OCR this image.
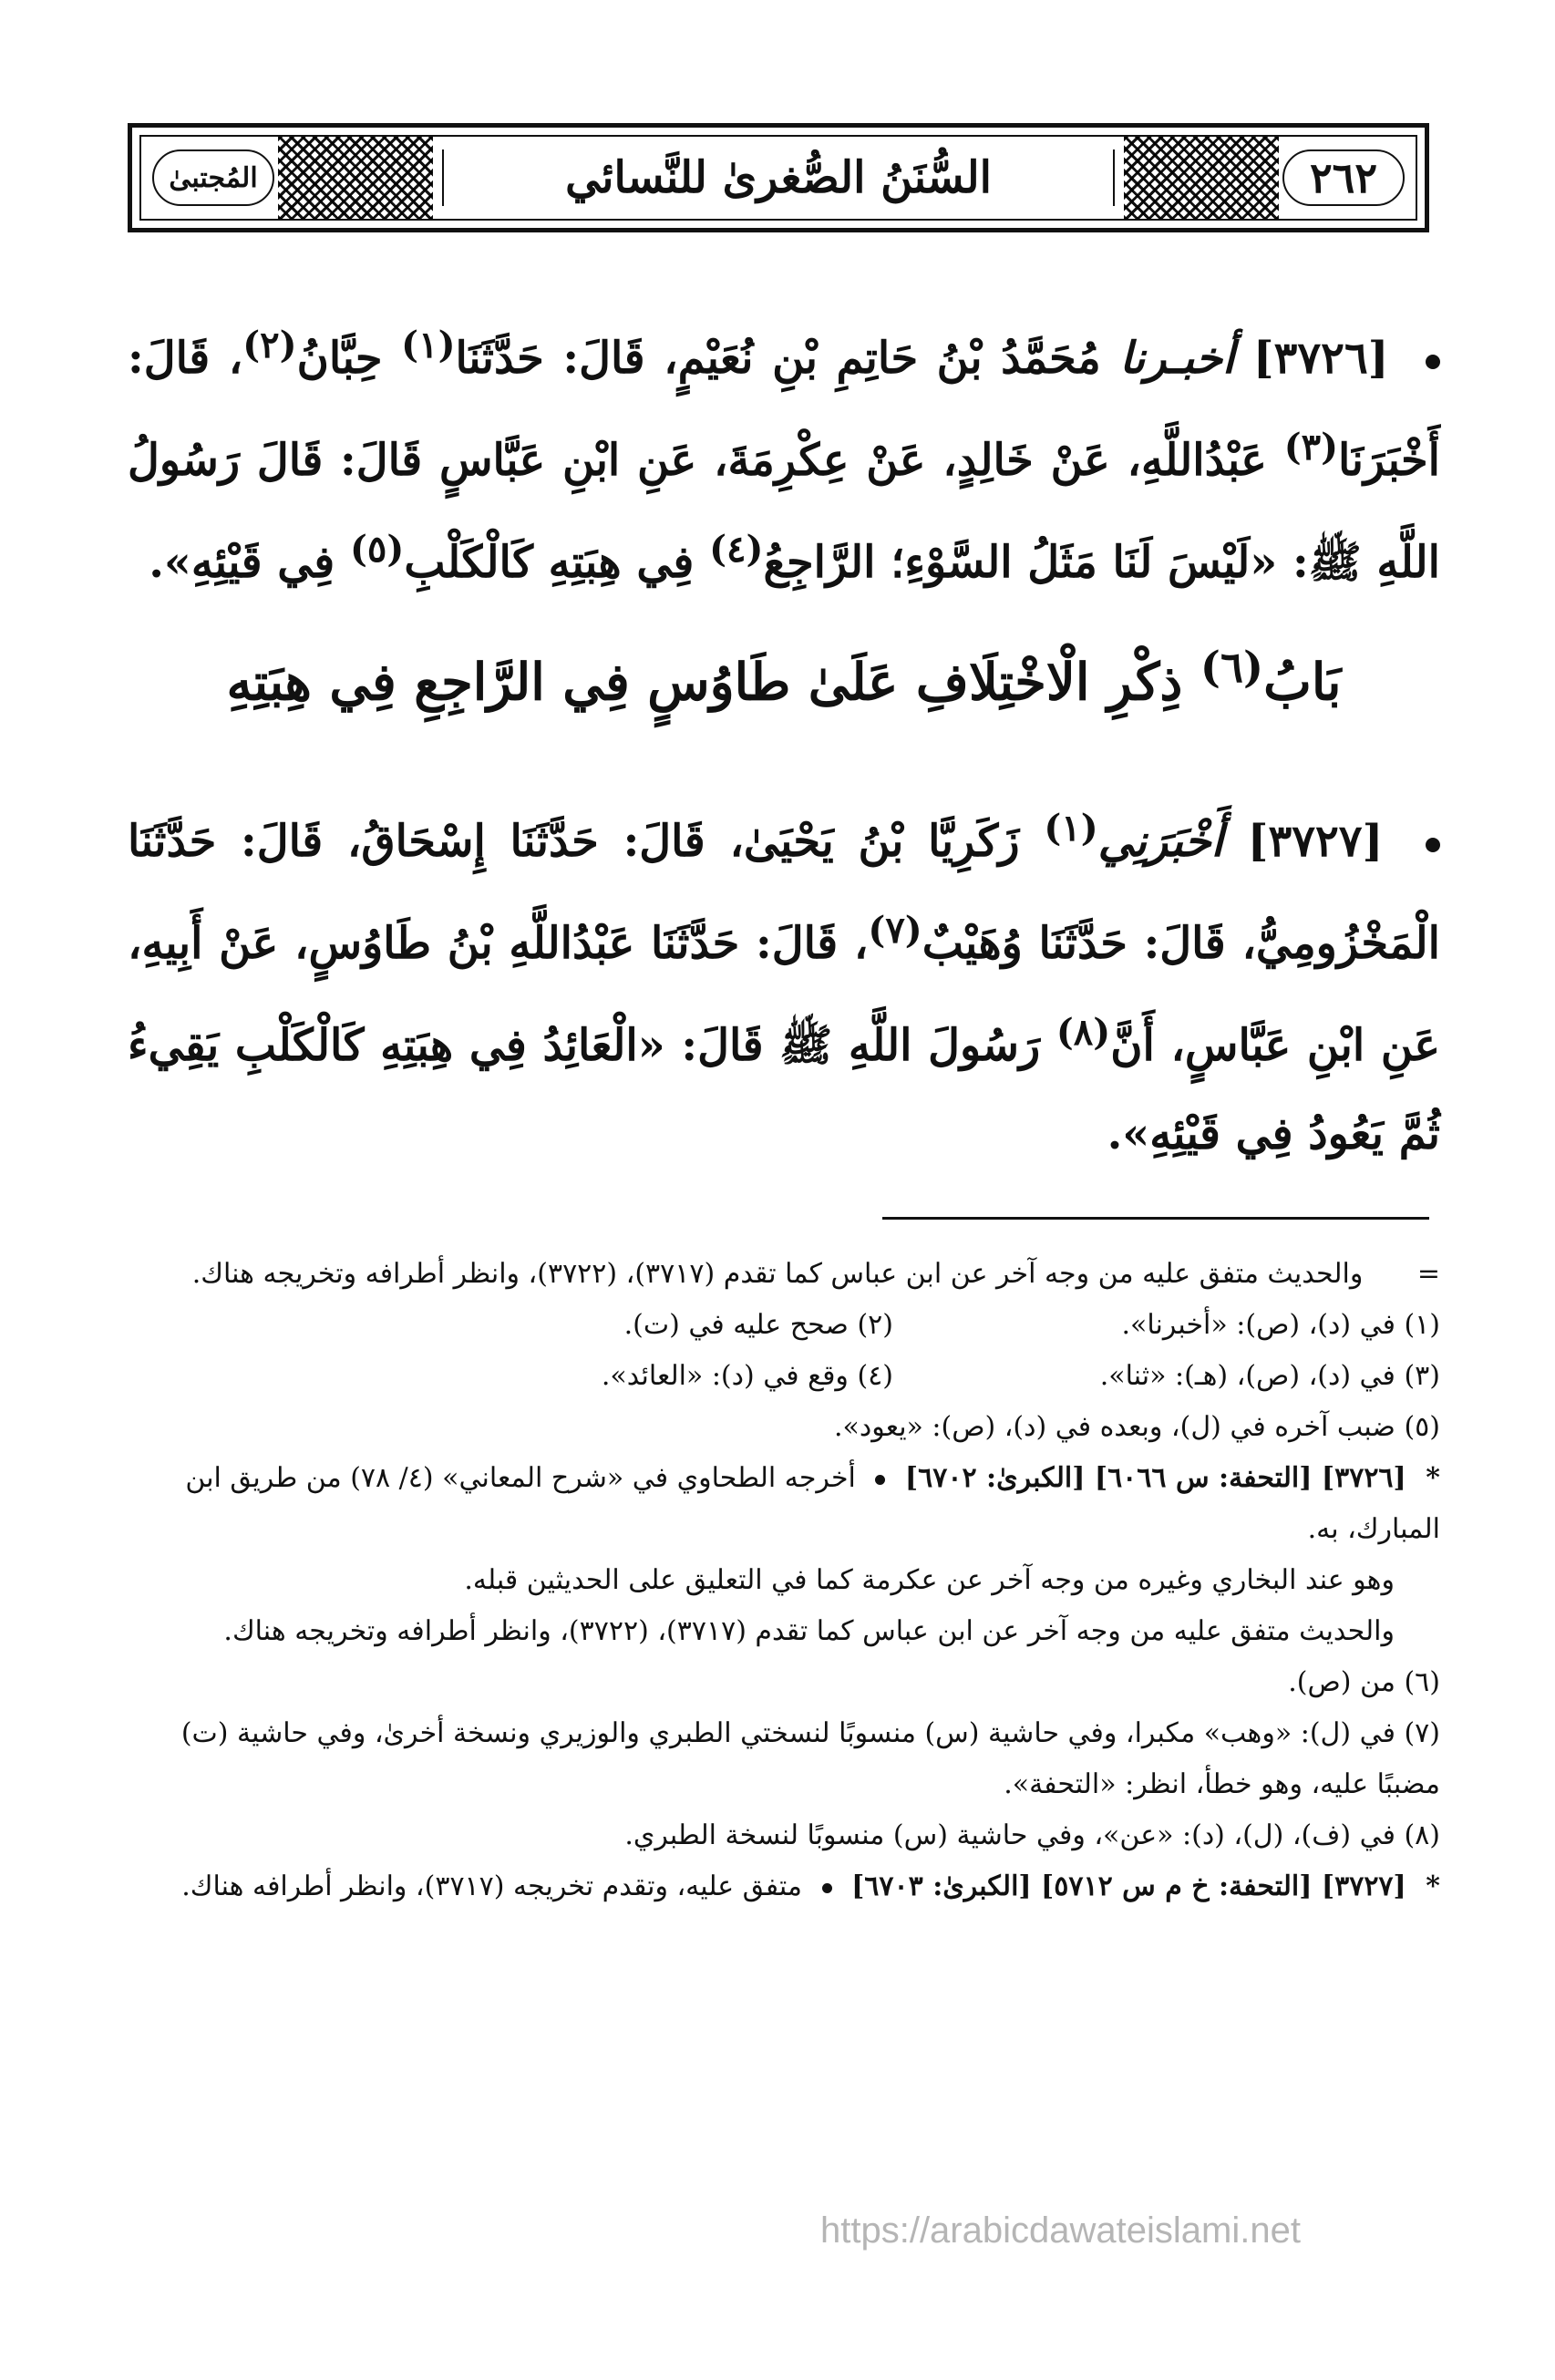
السُّنَنُ الصُّغرىٰ للنَّسائي	٢٦٢
المُجتبىٰ
[٣٧٢٦] أخبـرنا مُحَمَّدُ بْنُ حَاتِمِ بْنِ نُعَيْمٍ، قَالَ: حَدَّثَنَا$^{(١)}$ حِبَّانُ$^{(٢)}$، قَالَ: أَخْبَرَنَا$^{(٣)}$ عَبْدُاللَّهِ، عَنْ خَالِدٍ، عَنْ عِكْرِمَةَ، عَنِ ابْنِ عَبَّاسٍ قَالَ: قَالَ رَسُولُ اللَّهِ ﷺ: «لَيْسَ لَنَا مَثَلُ السَّوْءِ؛ الرَّاجِعُ$^{(٤)}$ فِي هِبَتِهِ كَالْكَلْبِ$^{(٥)}$ فِي قَيْئِهِ».
بَابُ$^{(٦)}$ ذِكْرِ الْاخْتِلَافِ عَلَىٰ طَاوُسٍ فِي الرَّاجِعِ فِي هِبَتِهِ
[٣٧٢٧] أَخْبَرَنِي$^{(١)}$ زَكَرِيَّا بْنُ يَحْيَىٰ، قَالَ: حَدَّثَنَا إِسْحَاقُ، قَالَ: حَدَّثَنَا الْمَخْزُومِيُّ، قَالَ: حَدَّثَنَا وُهَيْبٌ$^{(٧)}$، قَالَ: حَدَّثَنَا عَبْدُاللَّهِ بْنُ طَاوُسٍ، عَنْ أَبِيهِ، عَنِ ابْنِ عَبَّاسٍ، أَنَّ$^{(٨)}$ رَسُولَ اللَّهِ ﷺ قَالَ: «الْعَائِدُ فِي هِبَتِهِ كَالْكَلْبِ يَقِيءُ ثُمَّ يَعُودُ فِي قَيْئِهِ».

= والحديث متفق عليه من وجه آخر عن ابن عباس كما تقدم (٣٧١٧)، (٣٧٢٢)، وانظر أطرافه وتخريجه هناك.

(١) في (د)، (ص): «أخبرنا».
(٢) صحح عليه في (ت).
(٣) في (د)، (ص)، (هـ): «ثنا».
(٤) وقع في (د): «العائد».

(٥) ضبب آخره في (ل)، وبعده في (د)، (ص): «يعود».

* [٣٧٢٦] [التحفة: س ٦٠٦٦] [الكبرىٰ: ٦٧٠٢]  أخرجه الطحاوي في «شرح المعاني» (٤/ ٧٨) من طريق ابن المبارك، به.

وهو عند البخاري وغيره من وجه آخر عن عكرمة كما في التعليق على الحديثين قبله.

والحديث متفق عليه من وجه آخر عن ابن عباس كما تقدم (٣٧١٧)، (٣٧٢٢)، وانظر أطرافه وتخريجه هناك.

(٦) من (ص).

(٧) في (ل): «وهب» مكبرا، وفي حاشية (س) منسوبًا لنسختي الطبري والوزيري ونسخة أخرىٰ، وفي حاشية (ت) مضببًا عليه، وهو خطأ، انظر: «التحفة».

(٨) في (ف)، (ل)، (د): «عن»، وفي حاشية (س) منسوبًا لنسخة الطبري.

* [٣٧٢٧] [التحفة: خ م س ٥٧١٢] [الكبرىٰ: ٦٧٠٣]  متفق عليه، وتقدم تخريجه (٣٧١٧)، وانظر أطرافه هناك.

https://arabicdawateislami.net
